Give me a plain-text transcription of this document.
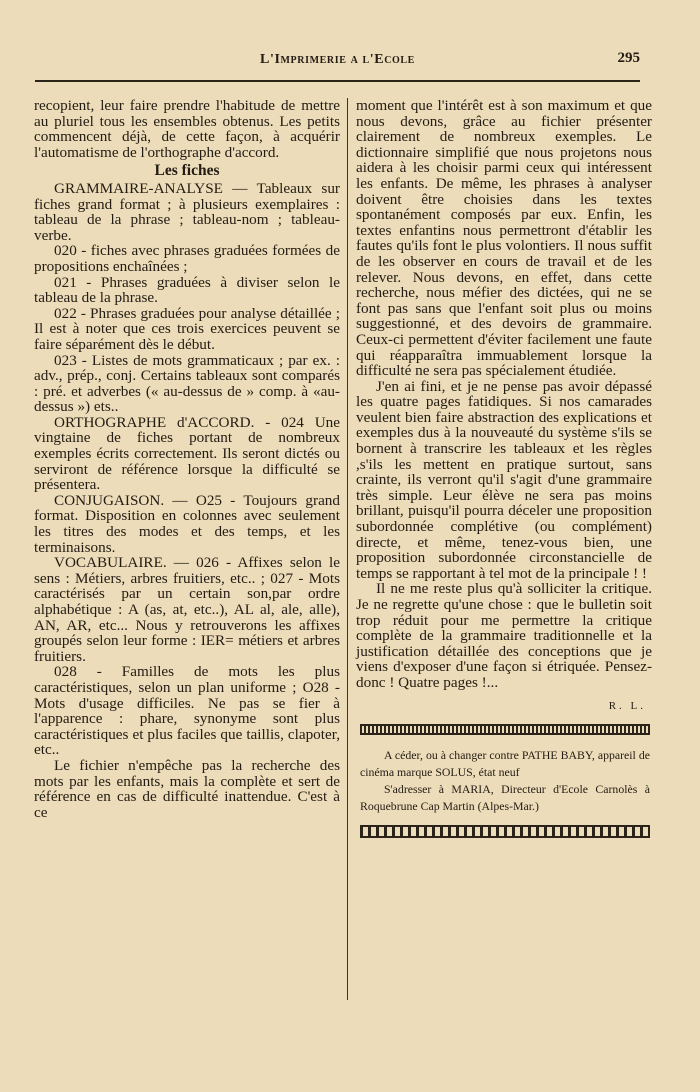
L'Imprimerie a l'Ecole	295

recopient, leur faire prendre l'habitude de mettre au pluriel tous les ensembles obtenus. Les petits commencent déjà, de cette façon, à acquérir l'automatisme de l'orthographe d'accord.

Les fiches

GRAMMAIRE-ANALYSE — Tableaux sur fiches grand format ; à plusieurs exemplaires : tableau de la phrase ; tableau-nom ; tableau-verbe.

020 - fiches avec phrases graduées formées de propositions enchaînées ;

021 - Phrases graduées à diviser selon le tableau de la phrase.

022 - Phrases graduées pour analyse détaillée ; Il est à noter que ces trois exercices peuvent se faire séparément dès le début.

023 - Listes de mots grammaticaux ; par ex. : adv., prép., conj. Certains tableaux sont comparés : pré. et adverbes (« au-dessus de » comp. à «au-dessus ») ets..

ORTHOGRAPHE d'ACCORD. - 024 Une vingtaine de fiches portant de nombreux exemples écrits correctement. Ils seront dictés ou serviront de référence lorsque la difficulté se présentera.

CONJUGAISON. — O25 - Toujours grand format. Disposition en colonnes avec seulement les titres des modes et des temps, et les terminaisons.

VOCABULAIRE. — 026 - Affixes selon le sens : Métiers, arbres fruitiers, etc.. ; 027 - Mots caractérisés par un certain son,par ordre alphabétique : A (as, at, etc..), AL al, ale, alle), AN, AR, etc... Nous y retrouverons les affixes groupés selon leur forme : IER= métiers et arbres fruitiers.

028 - Familles de mots les plus caractéristiques, selon un plan uniforme ; O28 - Mots d'usage difficiles. Ne pas se fier à l'apparence : phare, synonyme sont plus caractéristiques et plus faciles que taillis, clapoter, etc..

Le fichier n'empêche pas la recherche des mots par les enfants, mais la complète et sert de référence en cas de difficulté inattendue. C'est à ce

moment que l'intérêt est à son maximum et que nous devons, grâce au fichier présenter clairement de nombreux exemples. Le dictionnaire simplifié que nous projetons nous aidera à les choisir parmi ceux qui intéressent les enfants. De même, les phrases à analyser doivent être choisies dans les textes spontanément composés par eux. Enfin, les textes enfantins nous permettront d'établir les fautes qu'ils font le plus volontiers. Il nous suffit de les observer en cours de travail et de les relever. Nous devons, en effet, dans cette recherche, nous méfier des dictées, qui ne se font pas sans que l'enfant soit plus ou moins suggestionné, et des devoirs de grammaire. Ceux-ci permettent d'éviter facilement une faute qui réapparaîtra immuablement lorsque la difficulté ne sera pas spécialement étudiée.

J'en ai fini, et je ne pense pas avoir dépassé les quatre pages fatidiques. Si nos camarades veulent bien faire abstraction des explications et exemples dus à la nouveauté du système s'ils se bornent à transcrire les tableaux et les règles ,s'ils les mettent en pratique surtout, sans crainte, ils verront qu'il s'agit d'une grammaire très simple. Leur élève ne sera pas moins brillant, puisqu'il pourra déceler une proposition subordonnée complétive (ou complément) directe, et même, tenez-vous bien, une proposition subordonnée circonstancielle de temps se rapportant à tel mot de la principale ! !

Il ne me reste plus qu'à solliciter la critique. Je ne regrette qu'une chose : que le bulletin soit trop réduit pour me permettre la critique complète de la grammaire traditionnelle et la justification détaillée des conceptions que je viens d'exposer d'une façon si étriquée. Pensez-donc ! Quatre pages !...

R. L.

A céder, ou à changer contre PATHE BABY, appareil de cinéma marque SOLUS, état neuf

S'adresser à MARIA, Directeur d'Ecole Carnolès à Roquebrune Cap Martin (Alpes-Mar.)
